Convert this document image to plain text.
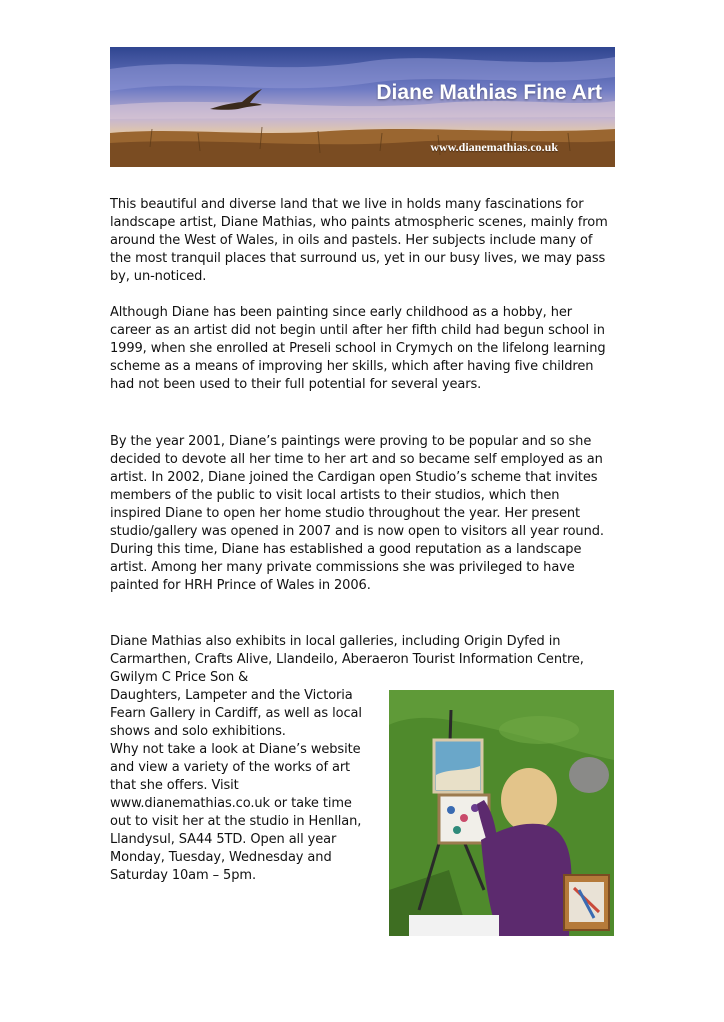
Diane Mathias Fine Art
www.dianemathias.co.uk

This beautiful and diverse land that we live in holds many fascinations for landscape artist, Diane Mathias, who paints atmospheric scenes, mainly from around the West of Wales, in oils and pastels. Her subjects include many of the most tranquil places that surround us, yet in our busy lives, we may pass by, un-noticed.

Although Diane has been painting since early childhood as a hobby, her career as an artist did not begin until after her fifth child had begun school in 1999, when she enrolled at Preseli school in Crymych on the lifelong learning scheme as a means of improving her skills, which after having five children had not been used to their full potential for several years.

By the year 2001, Diane’s paintings were proving to be popular and so she decided to devote all her time to her art and so became self employed as an artist. In 2002, Diane joined the Cardigan open Studio’s scheme that invites members of the public to visit local artists to their studios, which then inspired Diane to open her home studio throughout the year. Her present studio/gallery was opened in 2007 and is now open to visitors all year round. During this time, Diane has established a good reputation as a landscape artist. Among her many private commissions she was privileged to have painted for HRH Prince of Wales in 2006.

Diane Mathias also exhibits in local galleries, including Origin Dyfed in Carmarthen, Crafts Alive, Llandeilo, Aberaeron Tourist Information Centre, Gwilym C Price Son &

Daughters, Lampeter and the Victoria Fearn Gallery in Cardiff, as well as local shows and solo exhibitions.

Why not take a look at Diane’s website and view a variety of the works of art that she offers. Visit www.dianemathias.co.uk or take time out to visit her at the studio in Henllan, Llandysul, SA44 5TD. Open all year Monday, Tuesday, Wednesday and Saturday 10am – 5pm.
